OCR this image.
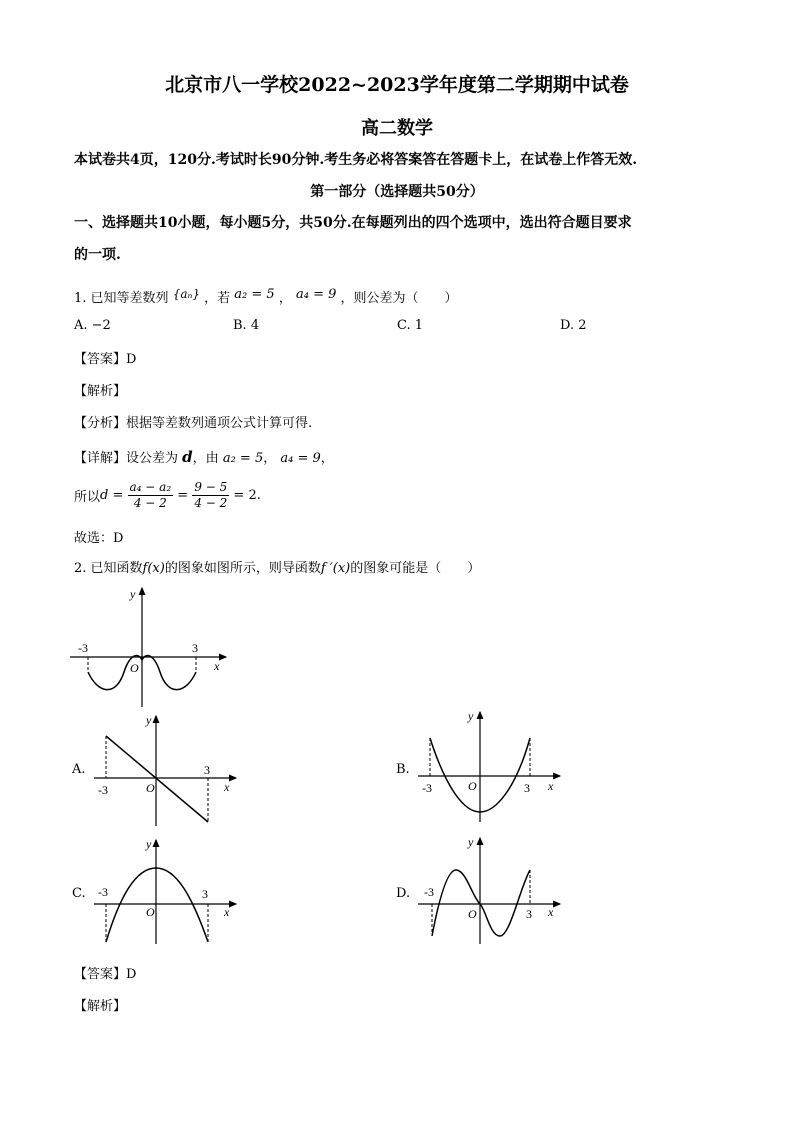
北京市八一学校2022~2023学年度第二学期期中试卷
高二数学
本试卷共4页，120分.考试时长90分钟.考生务必将答案答在答题卡上，在试卷上作答无效.
第一部分（选择题共50分）
一、选择题共10小题，每小题5分，共50分.在每题列出的四个选项中，选出符合题目要求
的一项.
1. 已知等差数列 {aₙ} ，若 a₂ = 5 ， a₄ = 9 ，则公差为（　　）
A. −2	B. 4	C. 1	D. 2
【答案】D
【解析】
【分析】根据等差数列通项公式计算可得.
【详解】设公差为 d，由 a₂ = 5， a₄ = 9，
所以$d = \frac{\text{a₄ − a₂}}{4 - 2} = \frac{9 - 5}{4 - 2} = 2$.
故选：D
2. 已知函数f(x)的图象如图所示，则导函数f ′(x)的图象可能是（　　）
y
x
O
-3	3
A.
y
x
O
-3
3	B.
y
x
O
-3	3
C.
y
x
O
-3	3	D.
y
x
O
-3
3
【答案】D
【解析】
